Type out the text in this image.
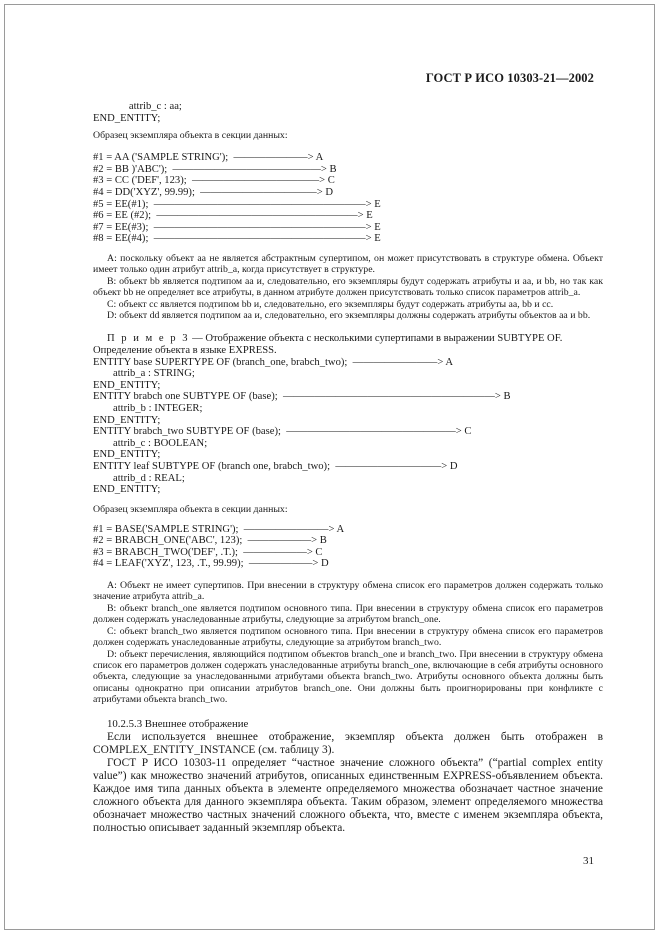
ГОСТ Р ИСО 10303-21—2002
attrib_c : aa;
END_ENTITY;

Образец экземпляра объекта в секции данных:

#1 = AA ('SAMPLE STRING');  ———————> A
#2 = BB )'ABC');  ——————————————> B
#3 = CC ('DEF', 123);  ————————————> C
#4 = DD('XYZ', 99.99);  ———————————> D
#5 = EE(#1);  ————————————————————> E
#6 = EE (#2);  ———————————————————> E
#7 = EE(#3);  ————————————————————> E
#8 = EE(#4);  ————————————————————> E

А: поскольку объект aa не является абстрактным супертипом, он может присутствовать в структуре обмена. Объект имеет только один атрибут attrib_a, когда присутствует в структуре.

В: объект bb является подтипом aa и, следовательно, его экземпляры будут содержать атрибуты и aa, и bb, но так как объект bb не определяет все атрибуты, в данном атрибуте должен присутствовать только список параметров attrib_a.

С: объект cc является подтипом bb и, следовательно, его экземпляры будут содержать атрибуты aa, bb и cc.

D: объект dd является подтипом aa и, следовательно, его экземпляры должны содержать атрибуты объектов aa и bb.

П р и м е р 3 — Отображение объекта с несколькими супертипами в выражении SUBTYPE OF. Определение объекта в языке EXPRESS.

ENTITY base SUPERTYPE OF (branch_one, brabch_two);  ————————> A
attrib_a : STRING;
END_ENTITY;
ENTITY brabch one SUBTYPE OF (base);  ————————————————————> B
attrib_b : INTEGER;
END_ENTITY;
ENTITY brabch_two SUBTYPE OF (base);  ————————————————> C
attrib_c : BOOLEAN;
END_ENTITY;
ENTITY leaf SUBTYPE OF (branch one, brabch_two);  ——————————> D
attrib_d : REAL;
END_ENTITY;

Образец экземпляра объекта в секции данных:

#1 = BASE('SAMPLE STRING');  ————————> A
#2 = BRABCH_ONE('ABC', 123);  ——————> B
#3 = BRABCH_TWO('DEF', .T.);  ——————> C
#4 = LEAF('XYZ', 123, .T., 99.99);  ——————> D

А: Объект не имеет супертипов. При внесении в структуру обмена список его параметров должен содержать только значение атрибута attrib_a.

В: объект branch_one является подтипом основного типа. При внесении в структуру обмена список его параметров должен содержать унаследованные атрибуты, следующие за атрибутом branch_one.

С: объект branch_two является подтипом основного типа. При внесении в структуру обмена список его параметров должен содержать унаследованные атрибуты, следующие за атрибутом branch_two.

D: объект перечисления, являющийся подтипом объектов branch_one и branch_two. При внесении в структуру обмена список его параметров должен содержать унаследованные атрибуты branch_one, включающие в себя атрибуты основного объекта, следующие за унаследованными атрибутами объекта branch_two. Атрибуты основного объекта должны быть описаны однократно при описании атрибутов branch_one. Они должны быть проигнорированы при конфликте с атрибутами объекта branch_two.

10.2.5.3 Внешнее отображение

Если используется внешнее отображение, экземпляр объекта должен быть отображен в COMPLEX_ENTITY_INSTANCE (см. таблицу 3).

ГОСТ Р ИСО 10303-11 определяет “частное значение сложного объекта” (“partial complex entity value”) как множество значений атрибутов, описанных единственным EXPRESS-объявлением объекта. Каждое имя типа данных объекта в элементе определяемого множества обозначает частное значение сложного объекта для данного экземпляра объекта. Таким образом, элемент определяемого множества обозначает множество частных значений сложного объекта, что, вместе с именем экземпляра объекта, полностью описывает заданный экземпляр объекта.

31
